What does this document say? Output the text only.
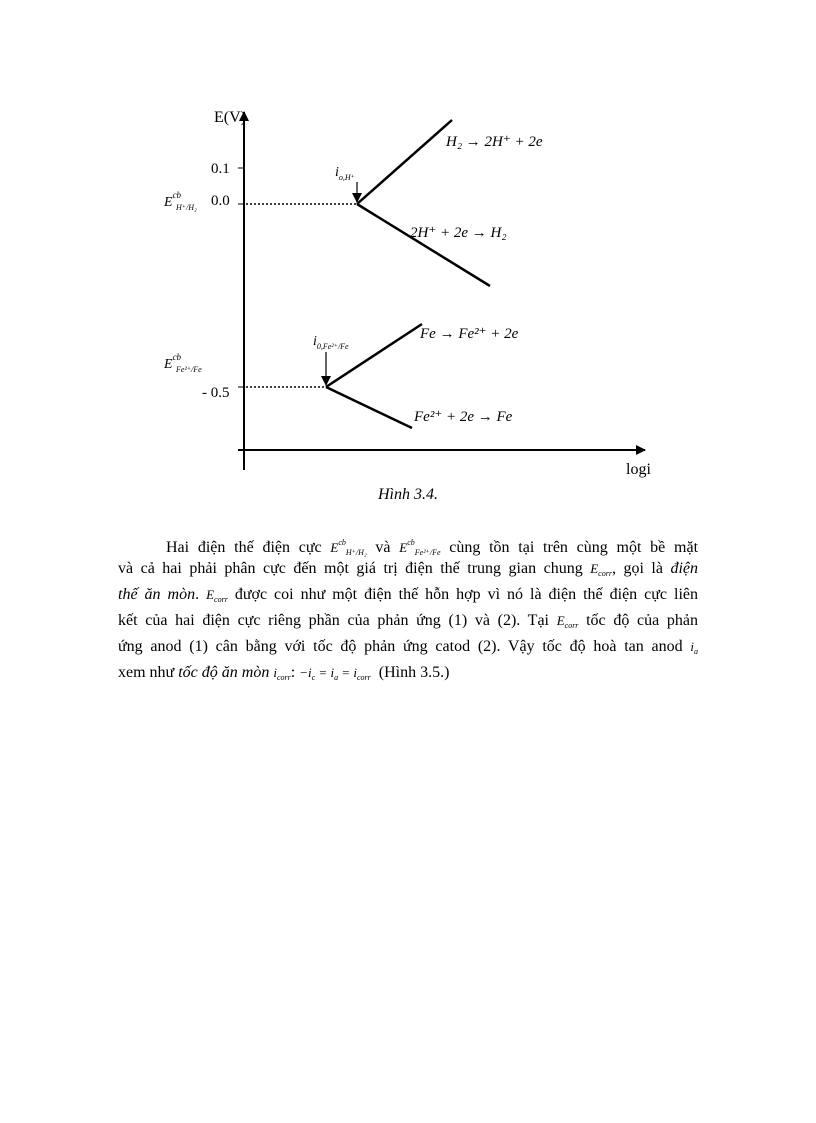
E(V)
logi
0.1
0.0
- 0.5
$E^{cb}$ H⁺/H₂
$E^{cb}$ Fe²⁺/Fe
$i_{o,H^+}$
H₂ → 2H⁺ + 2e
2H⁺ + 2e → H₂
$i_{0,Fe^{2+}/Fe}$
Fe → Fe²⁺ + 2e
Fe²⁺ + 2e → Fe
Hình 3.4.
Hai điện thế điện cực $E^{cb}_{H^+/H_2}$ và $E^{cb}_{Fe^{2+}/Fe}$ cùng tồn tại trên cùng một bề mặt
và cả hai phải phân cực đến một giá trị điện thế trung gian chung $E_{corr}$, gọi là điện
thế ăn mòn. $E_{corr}$ được coi như một điện thế hỗn hợp vì nó là điện thế điện cực liên
kết của hai điện cực riêng phần của phản ứng (1) và (2). Tại $E_{corr}$ tốc độ của phản
ứng anod (1) cân bằng với tốc độ phản ứng catod (2). Vậy tốc độ hoà tan anod $i_a$
xem như tốc độ ăn mòn $i_{corr}$: $-i_c = i_a = i_{corr}$ (Hình 3.5.)
